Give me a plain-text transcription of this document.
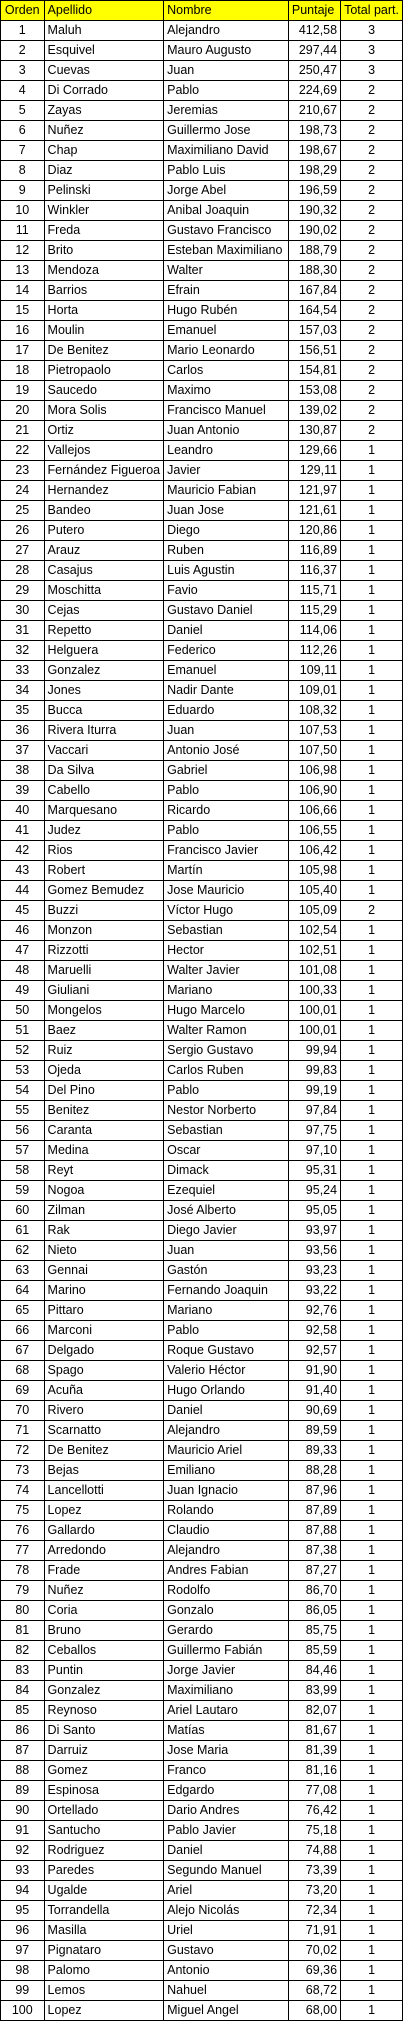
Orden	Apellido	Nombre	Puntaje	Total part.
1	Maluh	Alejandro	412,58	3
2	Esquivel	Mauro Augusto	297,44	3
3	Cuevas	Juan	250,47	3
4	Di Corrado	Pablo	224,69	2
5	Zayas	Jeremias	210,67	2
6	Nuñez	Guillermo Jose	198,73	2
7	Chap	Maximiliano David	198,67	2
8	Diaz	Pablo Luis	198,29	2
9	Pelinski	Jorge Abel	196,59	2
10	Winkler	Anibal Joaquin	190,32	2
11	Freda	Gustavo Francisco	190,02	2
12	Brito	Esteban Maximiliano	188,79	2
13	Mendoza	Walter	188,30	2
14	Barrios	Efrain	167,84	2
15	Horta	Hugo Rubén	164,54	2
16	Moulin	Emanuel	157,03	2
17	De Benitez	Mario Leonardo	156,51	2
18	Pietropaolo	Carlos	154,81	2
19	Saucedo	Maximo	153,08	2
20	Mora Solis	Francisco Manuel	139,02	2
21	Ortiz	Juan Antonio	130,87	2
22	Vallejos	Leandro	129,66	1
23	Fernández Figueroa	Javier	129,11	1
24	Hernandez	Mauricio Fabian	121,97	1
25	Bandeo	Juan Jose	121,61	1
26	Putero	Diego	120,86	1
27	Arauz	Ruben	116,89	1
28	Casajus	Luis Agustin	116,37	1
29	Moschitta	Favio	115,71	1
30	Cejas	Gustavo Daniel	115,29	1
31	Repetto	Daniel	114,06	1
32	Helguera	Federico	112,26	1
33	Gonzalez	Emanuel	109,11	1
34	Jones	Nadir Dante	109,01	1
35	Bucca	Eduardo	108,32	1
36	Rivera Iturra	Juan	107,53	1
37	Vaccari	Antonio José	107,50	1
38	Da Silva	Gabriel	106,98	1
39	Cabello	Pablo	106,90	1
40	Marquesano	Ricardo	106,66	1
41	Judez	Pablo	106,55	1
42	Rios	Francisco Javier	106,42	1
43	Robert	Martín	105,98	1
44	Gomez Bemudez	Jose Mauricio	105,40	1
45	Buzzi	Víctor Hugo	105,09	2
46	Monzon	Sebastian	102,54	1
47	Rizzotti	Hector	102,51	1
48	Maruelli	Walter Javier	101,08	1
49	Giuliani	Mariano	100,33	1
50	Mongelos	Hugo Marcelo	100,01	1
51	Baez	Walter Ramon	100,01	1
52	Ruiz	Sergio Gustavo	99,94	1
53	Ojeda	Carlos Ruben	99,83	1
54	Del Pino	Pablo	99,19	1
55	Benitez	Nestor Norberto	97,84	1
56	Caranta	Sebastian	97,75	1
57	Medina	Oscar	97,10	1
58	Reyt	Dimack	95,31	1
59	Nogoa	Ezequiel	95,24	1
60	Zilman	José Alberto	95,05	1
61	Rak	Diego Javier	93,97	1
62	Nieto	Juan	93,56	1
63	Gennai	Gastón	93,23	1
64	Marino	Fernando Joaquin	93,22	1
65	Pittaro	Mariano	92,76	1
66	Marconi	Pablo	92,58	1
67	Delgado	Roque Gustavo	92,57	1
68	Spago	Valerio Héctor	91,90	1
69	Acuña	Hugo Orlando	91,40	1
70	Rivero	Daniel	90,69	1
71	Scarnatto	Alejandro	89,59	1
72	De Benitez	Mauricio Ariel	89,33	1
73	Bejas	Emiliano	88,28	1
74	Lancellotti	Juan Ignacio	87,96	1
75	Lopez	Rolando	87,89	1
76	Gallardo	Claudio	87,88	1
77	Arredondo	Alejandro	87,38	1
78	Frade	Andres Fabian	87,27	1
79	Nuñez	Rodolfo	86,70	1
80	Coria	Gonzalo	86,05	1
81	Bruno	Gerardo	85,75	1
82	Ceballos	Guillermo Fabián	85,59	1
83	Puntin	Jorge Javier	84,46	1
84	Gonzalez	Maximiliano	83,99	1
85	Reynoso	Ariel Lautaro	82,07	1
86	Di Santo	Matías	81,67	1
87	Darruiz	Jose Maria	81,39	1
88	Gomez	Franco	81,16	1
89	Espinosa	Edgardo	77,08	1
90	Ortellado	Dario Andres	76,42	1
91	Santucho	Pablo Javier	75,18	1
92	Rodriguez	Daniel	74,88	1
93	Paredes	Segundo Manuel	73,39	1
94	Ugalde	Ariel	73,20	1
95	Torrandella	Alejo Nicolás	72,34	1
96	Masilla	Uriel	71,91	1
97	Pignataro	Gustavo	70,02	1
98	Palomo	Antonio	69,36	1
99	Lemos	Nahuel	68,72	1
100	Lopez	Miguel Angel	68,00	1
